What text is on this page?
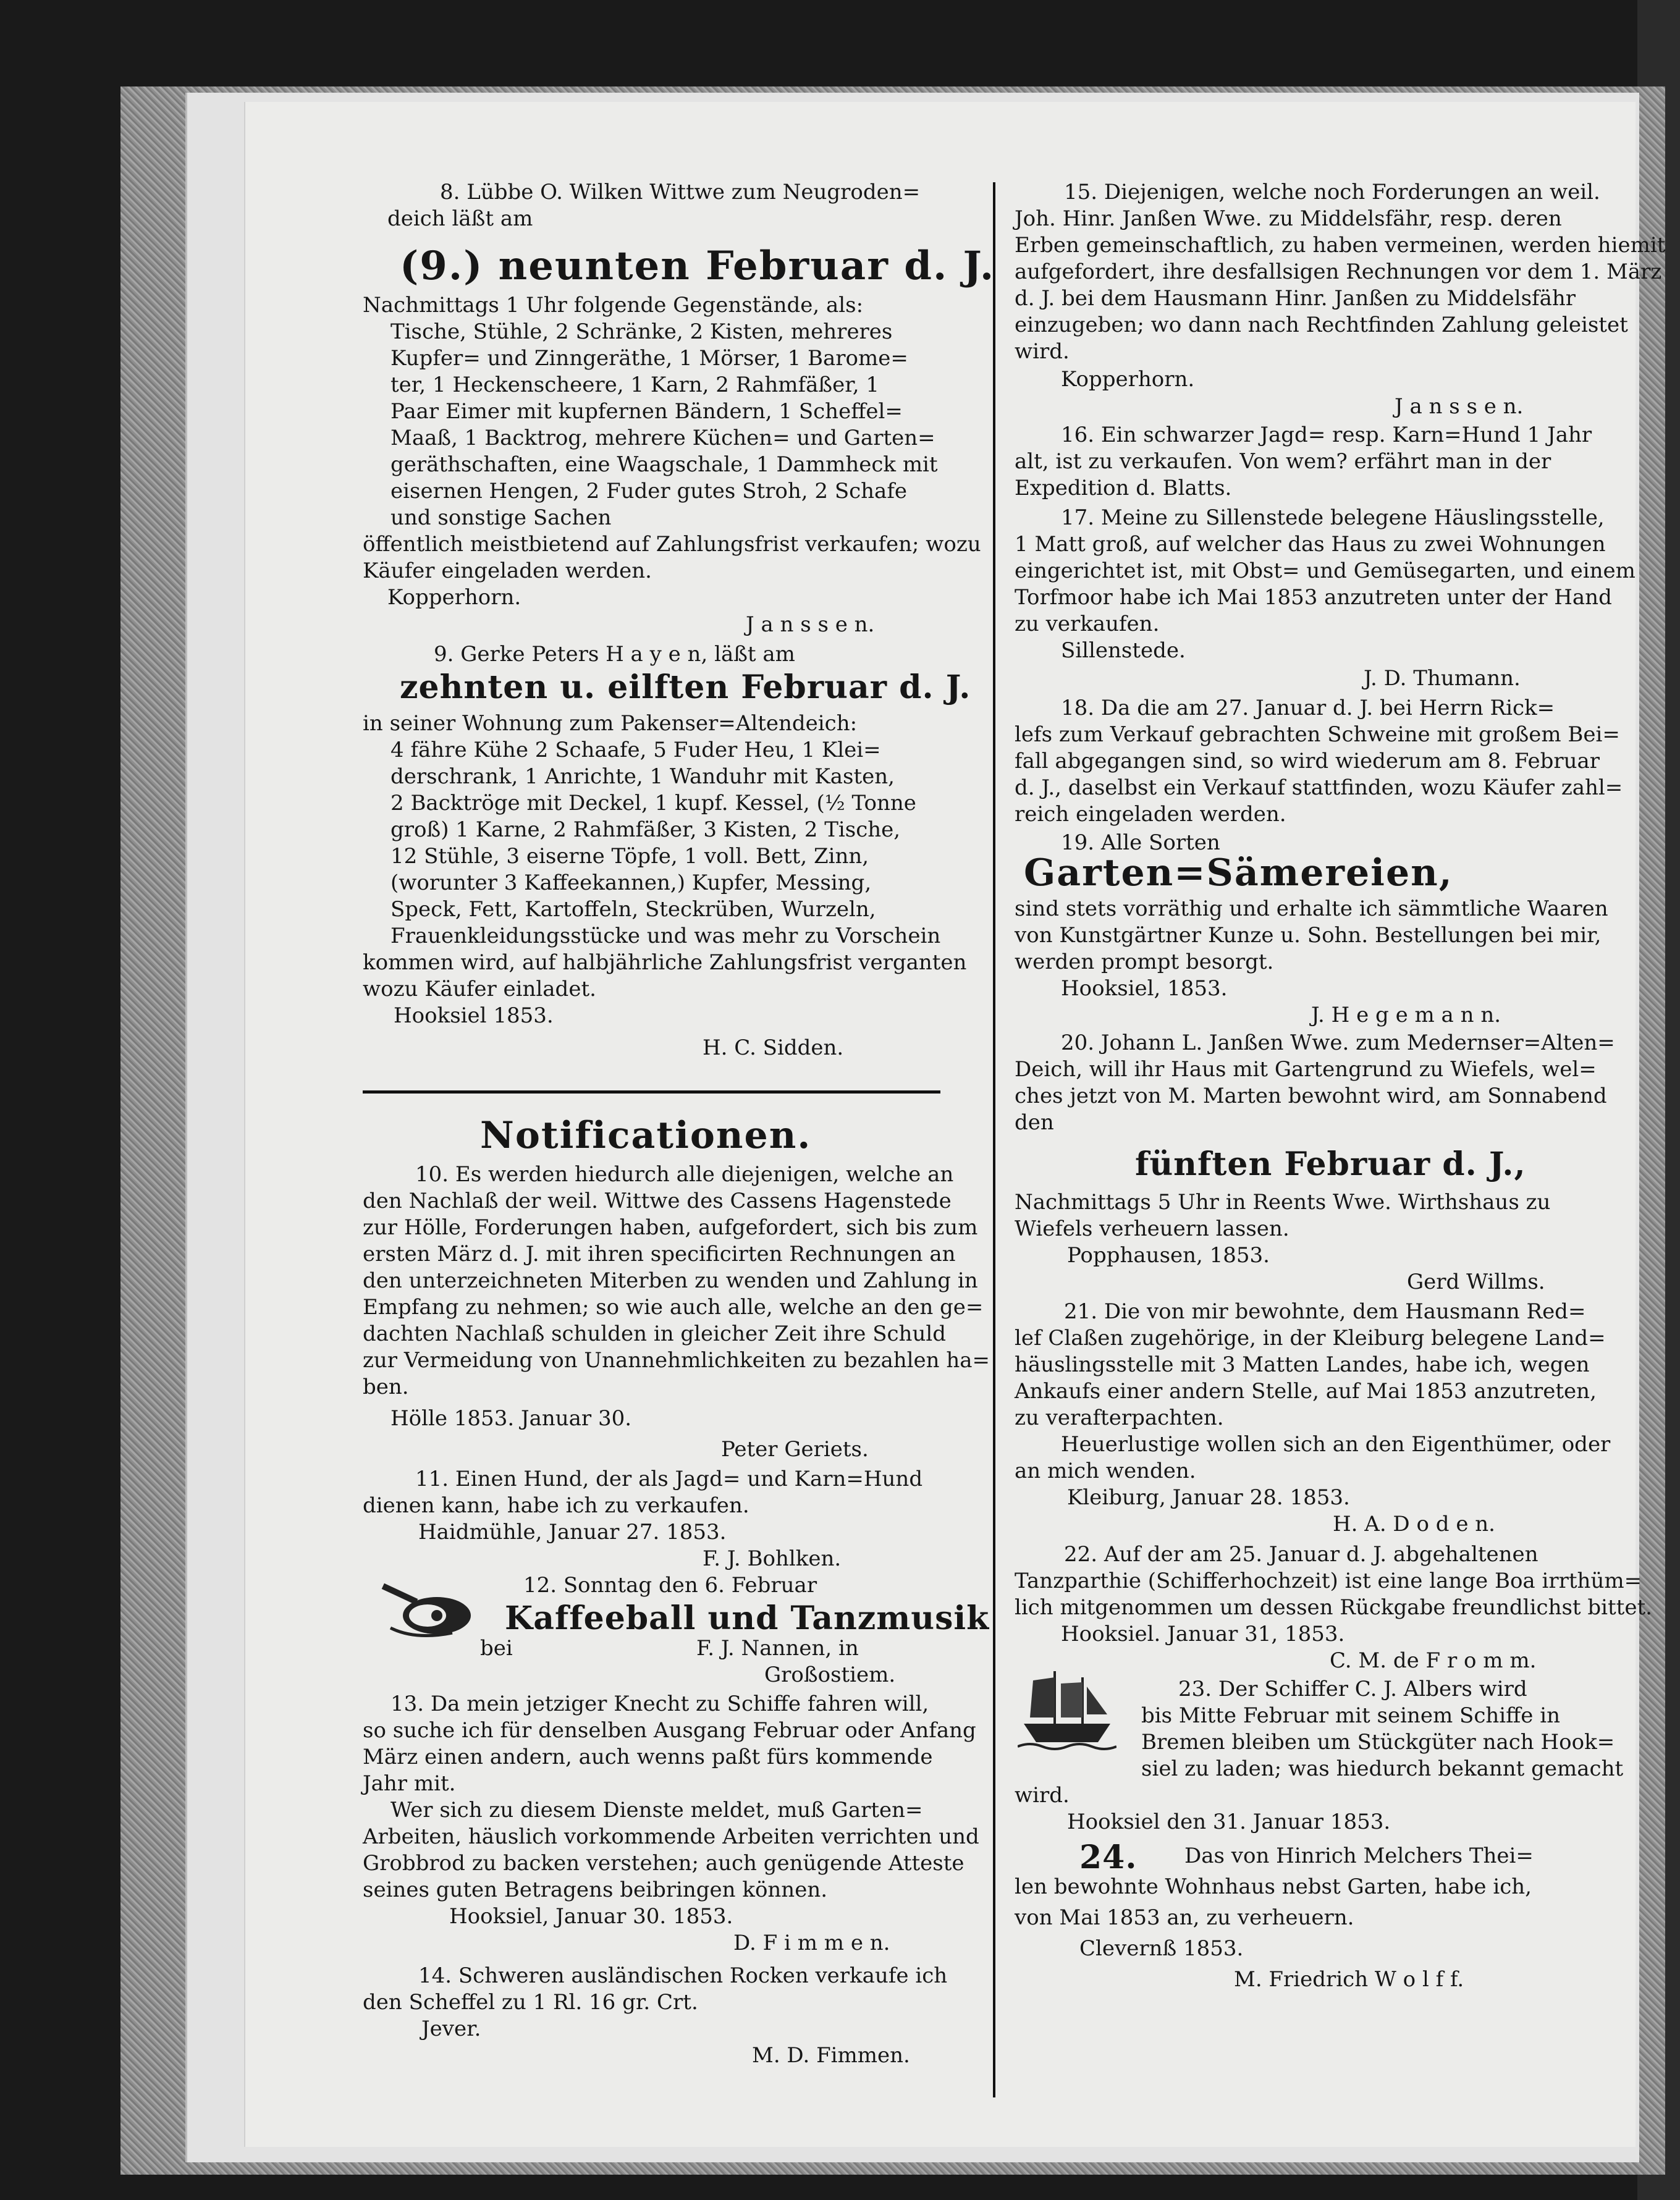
8. Lübbe O. Wilken Wittwe zum Neugroden=
deich läßt am
(9.) neunten Februar d. J.
Nachmittags 1 Uhr folgende Gegenstände, als:
Tische, Stühle, 2 Schränke, 2 Kisten, mehreres
Kupfer= und Zinngeräthe, 1 Mörser, 1 Barome=
ter, 1 Heckenscheere, 1 Karn, 2 Rahmfäßer, 1
Paar Eimer mit kupfernen Bändern, 1 Scheffel=
Maaß, 1 Backtrog, mehrere Küchen= und Garten=
geräthschaften, eine Waagschale, 1 Dammheck mit
eisernen Hengen, 2 Fuder gutes Stroh, 2 Schafe
und sonstige Sachen
öffentlich meistbietend auf Zahlungsfrist verkaufen; wozu
Käufer eingeladen werden.
Kopperhorn.
J a n s s e n.
9. Gerke Peters H a y e n, läßt am
zehnten u. eilften Februar d. J.
in seiner Wohnung zum Pakenser=Altendeich:
4 fähre Kühe 2 Schaafe, 5 Fuder Heu, 1 Klei=
derschrank, 1 Anrichte, 1 Wanduhr mit Kasten,
2 Backtröge mit Deckel, 1 kupf. Kessel, (½ Tonne
groß) 1 Karne, 2 Rahmfäßer, 3 Kisten, 2 Tische,
12 Stühle, 3 eiserne Töpfe, 1 voll. Bett, Zinn,
(worunter 3 Kaffeekannen,) Kupfer, Messing,
Speck, Fett, Kartoffeln, Steckrüben, Wurzeln,
Frauenkleidungsstücke und was mehr zu Vorschein
kommen wird, auf halbjährliche Zahlungsfrist verganten
wozu Käufer einladet.
Hooksiel 1853.
H. C. Sidden.
Notificationen.
10. Es werden hiedurch alle diejenigen, welche an
den Nachlaß der weil. Wittwe des Cassens Hagenstede
zur Hölle, Forderungen haben, aufgefordert, sich bis zum
ersten März d. J. mit ihren specificirten Rechnungen an
den unterzeichneten Miterben zu wenden und Zahlung in
Empfang zu nehmen; so wie auch alle, welche an den ge=
dachten Nachlaß schulden in gleicher Zeit ihre Schuld
zur Vermeidung von Unannehmlichkeiten zu bezahlen ha=
ben.
Hölle 1853. Januar 30.
Peter Geriets.
11. Einen Hund, der als Jagd= und Karn=Hund
dienen kann, habe ich zu verkaufen.
Haidmühle, Januar 27. 1853.
F. J. Bohlken.
12. Sonntag den 6. Februar
Kaffeeball und Tanzmusik
bei	F. J. Nannen, in
Großostiem.
13. Da mein jetziger Knecht zu Schiffe fahren will,
so suche ich für denselben Ausgang Februar oder Anfang
März einen andern, auch wenns paßt fürs kommende
Jahr mit.
Wer sich zu diesem Dienste meldet, muß Garten=
Arbeiten, häuslich vorkommende Arbeiten verrichten und
Grobbrod zu backen verstehen; auch genügende Atteste
seines guten Betragens beibringen können.
Hooksiel, Januar 30. 1853.
D. F i m m e n.
14. Schweren ausländischen Rocken verkaufe ich
den Scheffel zu 1 Rl. 16 gr. Crt.
Jever.
M. D. Fimmen.
15. Diejenigen, welche noch Forderungen an weil.
Joh. Hinr. Janßen Wwe. zu Middelsfähr, resp. deren
Erben gemeinschaftlich, zu haben vermeinen, werden hiemit
aufgefordert, ihre desfallsigen Rechnungen vor dem 1. März
d. J. bei dem Hausmann Hinr. Janßen zu Middelsfähr
einzugeben; wo dann nach Rechtfinden Zahlung geleistet
wird.
Kopperhorn.
J a n s s e n.
16. Ein schwarzer Jagd= resp. Karn=Hund 1 Jahr
alt, ist zu verkaufen. Von wem? erfährt man in der
Expedition d. Blatts.
17. Meine zu Sillenstede belegene Häuslingsstelle,
1 Matt groß, auf welcher das Haus zu zwei Wohnungen
eingerichtet ist, mit Obst= und Gemüsegarten, und einem
Torfmoor habe ich Mai 1853 anzutreten unter der Hand
zu verkaufen.
Sillenstede.
J. D. Thumann.
18. Da die am 27. Januar d. J. bei Herrn Rick=
lefs zum Verkauf gebrachten Schweine mit großem Bei=
fall abgegangen sind, so wird wiederum am 8. Februar
d. J., daselbst ein Verkauf stattfinden, wozu Käufer zahl=
reich eingeladen werden.
19. Alle Sorten
Garten=Sämereien,
sind stets vorräthig und erhalte ich sämmtliche Waaren
von Kunstgärtner Kunze u. Sohn. Bestellungen bei mir,
werden prompt besorgt.
Hooksiel, 1853.
J. H e g e m a n n.
20. Johann L. Janßen Wwe. zum Medernser=Alten=
Deich, will ihr Haus mit Gartengrund zu Wiefels, wel=
ches jetzt von M. Marten bewohnt wird, am Sonnabend
den
fünften Februar d. J.,
Nachmittags 5 Uhr in Reents Wwe. Wirthshaus zu
Wiefels verheuern lassen.
Popphausen, 1853.
Gerd Willms.
21. Die von mir bewohnte, dem Hausmann Red=
lef Claßen zugehörige, in der Kleiburg belegene Land=
häuslingsstelle mit 3 Matten Landes, habe ich, wegen
Ankaufs einer andern Stelle, auf Mai 1853 anzutreten,
zu verafterpachten.
Heuerlustige wollen sich an den Eigenthümer, oder
an mich wenden.
Kleiburg, Januar 28. 1853.
H. A. D o d e n.
22. Auf der am 25. Januar d. J. abgehaltenen
Tanzparthie (Schifferhochzeit) ist eine lange Boa irrthüm=
lich mitgenommen um dessen Rückgabe freundlichst bittet.
Hooksiel. Januar 31, 1853.
C. M. de F r o m m.
23. Der Schiffer C. J. Albers wird
bis Mitte Februar mit seinem Schiffe in
Bremen bleiben um Stückgüter nach Hook=
siel zu laden; was hiedurch bekannt gemacht
wird.
Hooksiel den 31. Januar 1853.
24. Das von Hinrich Melchers Thei=
len bewohnte Wohnhaus nebst Garten, habe ich,
von Mai 1853 an, zu verheuern.
Clevernß 1853.
M. Friedrich W o l f f.
